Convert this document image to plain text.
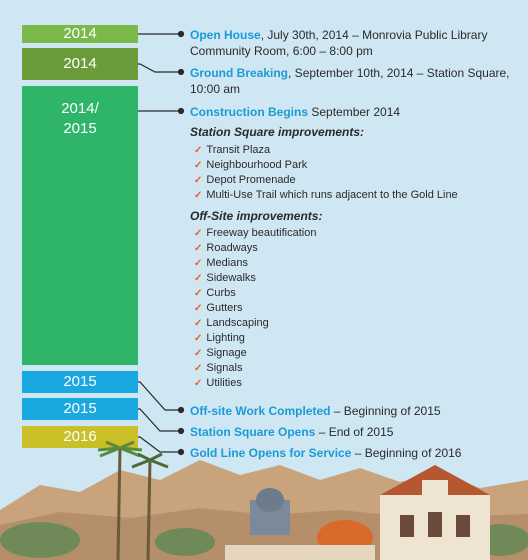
2014
2014
2014/
2015
2015
2015
2016
Open House, July 30th, 2014 – Monrovia Public Library Community Room, 6:00 – 8:00 pm
Ground Breaking, September 10th, 2014 – Station Square, 10:00 am
Construction Begins September 2014
Station Square improvements:
✓ Transit Plaza
✓ Neighbourhood Park
✓ Depot Promenade
✓ Multi-Use Trail which runs adjacent to the Gold Line
Off-Site improvements:
✓ Freeway beautification
✓ Roadways
✓ Medians
✓ Sidewalks
✓ Curbs
✓ Gutters
✓ Landscaping
✓ Lighting
✓ Signage
✓ Signals
✓ Utilities
Off-site Work Completed – Beginning of 2015
Station Square Opens – End of 2015
Gold Line Opens for Service – Beginning of 2016
